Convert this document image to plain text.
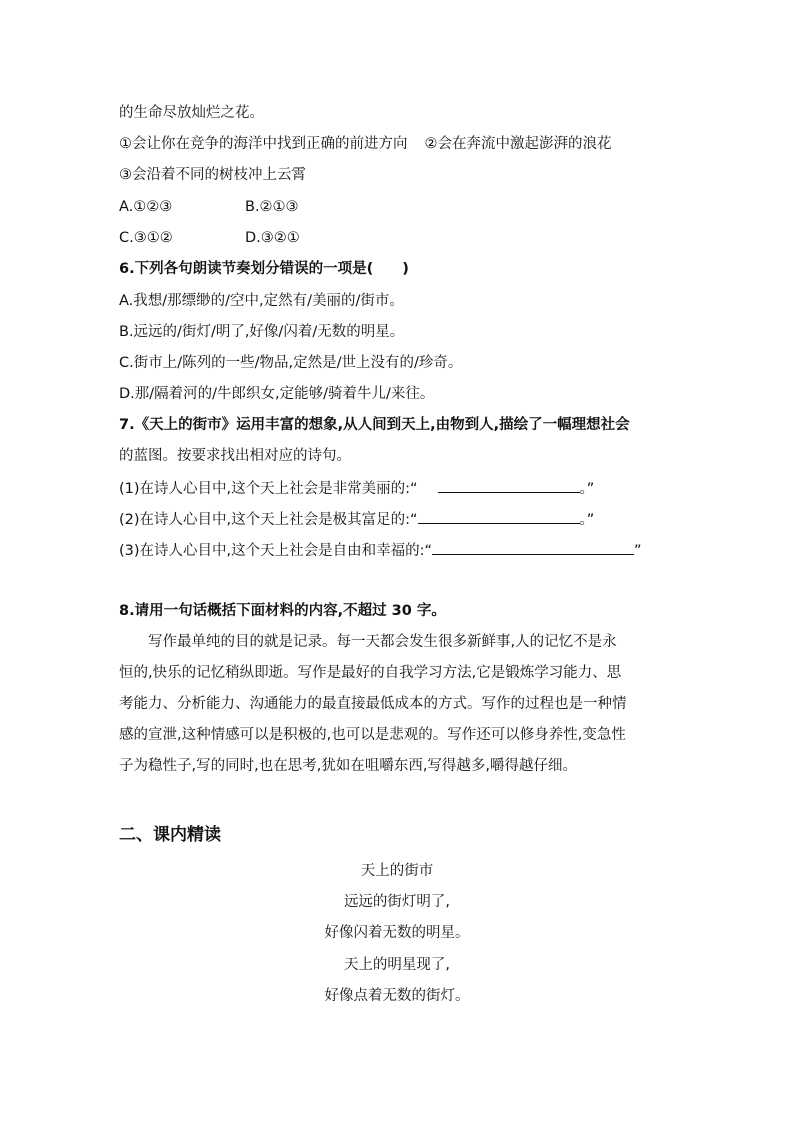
的生命尽放灿烂之花。
①会让你在竞争的海洋中找到正确的前进方向 ②会在奔流中激起澎湃的浪花
③会沿着不同的树枝冲上云霄
A.①②③	B.②①③
C.③①②	D.③②①
6.下列各句朗读节奏划分错误的一项是(　　)
A.我想/那缥缈的/空中,定然有/美丽的/街市。
B.远远的/街灯/明了,好像/闪着/无数的明星。
C.街市上/陈列的一些/物品,定然是/世上没有的/珍奇。
D.那/隔着河的/牛郎织女,定能够/骑着牛儿/来往。
7.《天上的街市》运用丰富的想象,从人间到天上,由物到人,描绘了一幅理想社会
的蓝图。按要求找出相对应的诗句。
(1)在诗人心目中,这个天上社会是非常美丽的:“	。”
(2)在诗人心目中,这个天上社会是极其富足的:“	。”
(3)在诗人心目中,这个天上社会是自由和幸福的:“	”
8.请用一句话概括下面材料的内容,不超过 30 字。
写作最单纯的目的就是记录。每一天都会发生很多新鲜事,人的记忆不是永
恒的,快乐的记忆稍纵即逝。写作是最好的自我学习方法,它是锻炼学习能力、思
考能力、分析能力、沟通能力的最直接最低成本的方式。写作的过程也是一种情
感的宣泄,这种情感可以是积极的,也可以是悲观的。写作还可以修身养性,变急性
子为稳性子,写的同时,也在思考,犹如在咀嚼东西,写得越多,嚼得越仔细。
二、课内精读
天上的街市
远远的街灯明了,
好像闪着无数的明星。
天上的明星现了,
好像点着无数的街灯。
